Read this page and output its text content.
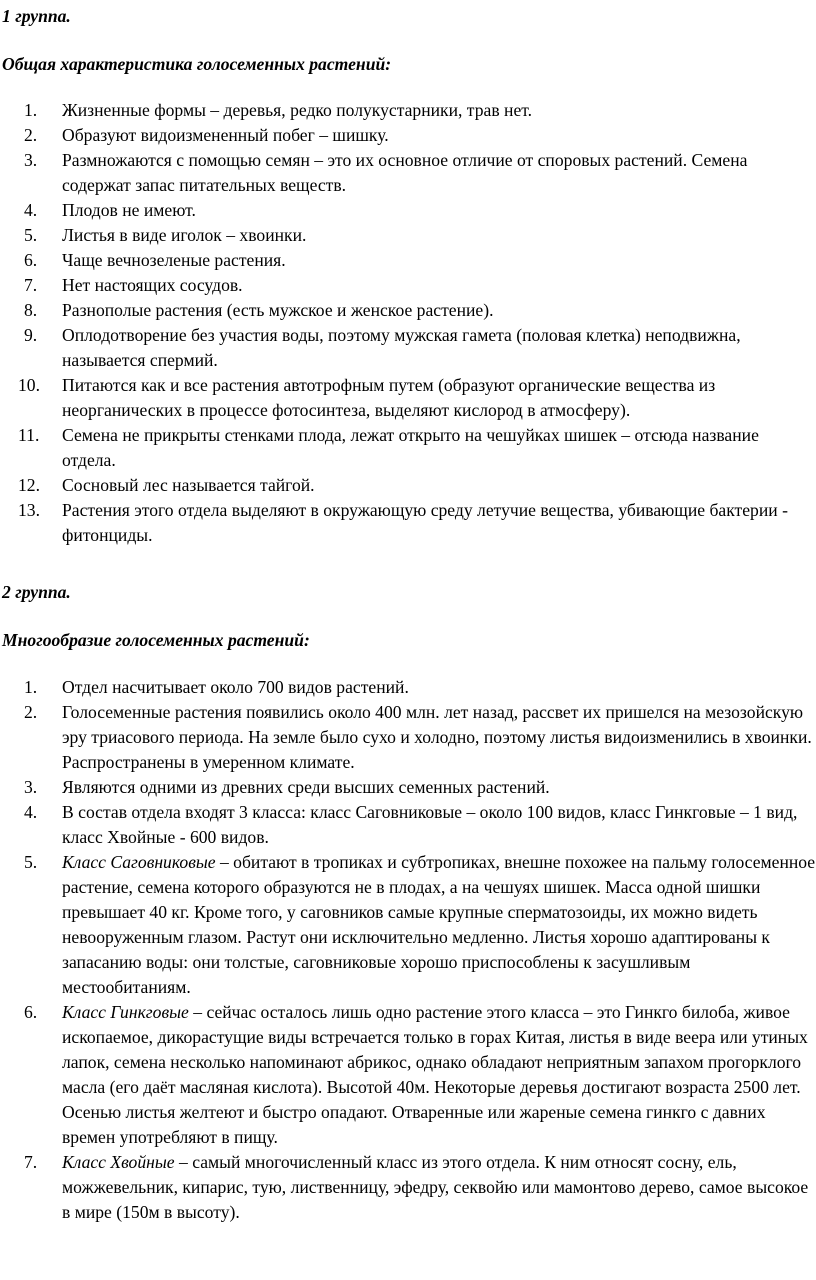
1 группа.

Общая характеристика голосеменных растений:

1.	Жизненные формы – деревья, редко полукустарники, трав нет.
2.	Образуют видоизмененный побег – шишку.
3.	Размножаются с помощью семян – это их основное отличие от споровых растений. Семена содержат запас питательных веществ.
4.	Плодов не имеют.
5.	Листья в виде иголок – хвоинки.
6.	Чаще вечнозеленые растения.
7.	Нет настоящих сосудов.
8.	Разнополые растения (есть мужское и женское растение).
9.	Оплодотворение без участия воды, поэтому мужская гамета (половая клетка) неподвижна, называется спермий.
10.	Питаются как и все растения автотрофным путем (образуют органические вещества из неорганических в процессе фотосинтеза, выделяют кислород в атмосферу).
11.	Семена не прикрыты стенками плода, лежат открыто на чешуйках шишек – отсюда название отдела.
12.	Сосновый лес называется тайгой.
13.	Растения этого отдела выделяют в окружающую среду летучие вещества, убивающие бактерии - фитонциды.

2 группа.

Многообразие голосеменных растений:

1.	Отдел насчитывает около 700 видов растений.
2.	Голосеменные растения появились около 400 млн. лет назад, рассвет их пришелся на мезозойскую эру триасового периода. На земле было сухо и холодно, поэтому листья видоизменились в хвоинки. Распространены в умеренном климате.
3.	Являются одними из древних среди высших семенных растений.
4.	В состав отдела входят 3 класса: класс Саговниковые – около 100 видов, класс Гинкговые – 1 вид, класс Хвойные - 600 видов.
5.	Класс Саговниковые – обитают в тропиках и субтропиках, внешне похожее на пальму голосеменное растение, семена которого образуются не в плодах, а на чешуях шишек. Масса одной шишки превышает 40 кг. Кроме того, у саговников самые крупные сперматозоиды, их можно видеть невооруженным глазом. Растут они исключительно медленно. Листья хорошо адаптированы к запасанию воды: они толстые, саговниковые хорошо приспособлены к засушливым местообитаниям.
6.	Класс Гинкговые – сейчас осталось лишь одно растение этого класса – это Гинкго билоба, живое ископаемое, дикорастущие виды встречается только в горах Китая, листья в виде веера или утиных лапок, семена несколько напоминают абрикос, однако обладают неприятным запахом прогорклого масла (его даёт масляная кислота). Высотой 40м. Некоторые деревья достигают возраста 2500 лет. Осенью листья желтеют и быстро опадают. Отваренные или жареные семена гинкго с давних времен употребляют в пищу.
7.	Класс Хвойные – самый многочисленный класс из этого отдела. К ним относят сосну, ель, можжевельник, кипарис, тую, лиственницу, эфедру, секвойю или мамонтово дерево, самое высокое в мире (150м в высоту).
